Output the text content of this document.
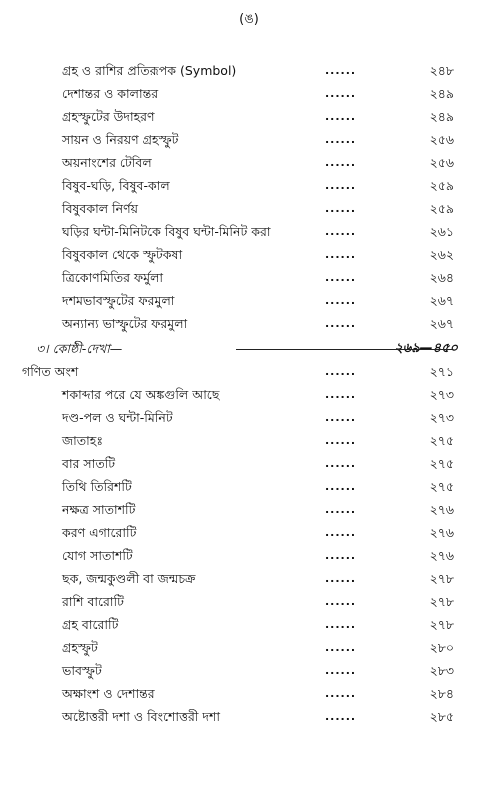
(ঙ)
গ্রহ ও রাশির প্রতিরূপক (Symbol)	......	২৪৮
দেশান্তর ও কালান্তর	......	২৪৯
গ্রহস্ফুটের উদাহরণ	......	২৪৯
সায়ন ও নিরয়ণ গ্রহস্ফুট	......	২৫৬
অয়নাংশের টেবিল	......	২৫৬
বিষুব-ঘড়ি, বিষুব-কাল	......	২৫৯
বিষুবকাল নির্ণয়	......	২৫৯
ঘড়ির ঘন্টা-মিনিটকে বিষুব ঘন্টা-মিনিট করা	......	২৬১
বিষুবকাল থেকে স্ফুটকষা	......	২৬২
ত্রিকোণমিতির ফর্মুলা	......	২৬৪
দশমভাবস্ফুটের ফরমুলা	......	২৬৭
অন্যান্য ভাস্ফুটের ফরমুলা	......	২৬৭
৩। কোষ্ঠী-দেখা—	২৬৯—৪৫০
গণিত অংশ	......	২৭১
শকাব্দার পরে যে অঙ্কগুলি আছে	......	২৭৩
দণ্ড-পল ও ঘন্টা-মিনিট	......	২৭৩
জাতাহঃ	......	২৭৫
বার সাতটি	......	২৭৫
তিথি তিরিশটি	......	২৭৫
নক্ষত্র সাতাশটি	......	২৭৬
করণ এগারোটি	......	২৭৬
যোগ সাতাশটি	......	২৭৬
ছক, জন্মকুণ্ডলী বা জন্মচক্র	......	২৭৮
রাশি বারোটি	......	২৭৮
গ্রহ বারোটি	......	২৭৮
গ্রহস্ফুট	......	২৮০
ভাবস্ফুট	......	২৮৩
অক্ষাংশ ও দেশান্তর	......	২৮৪
অষ্টোত্তরী দশা ও বিংশোত্তরী দশা	......	২৮৫
